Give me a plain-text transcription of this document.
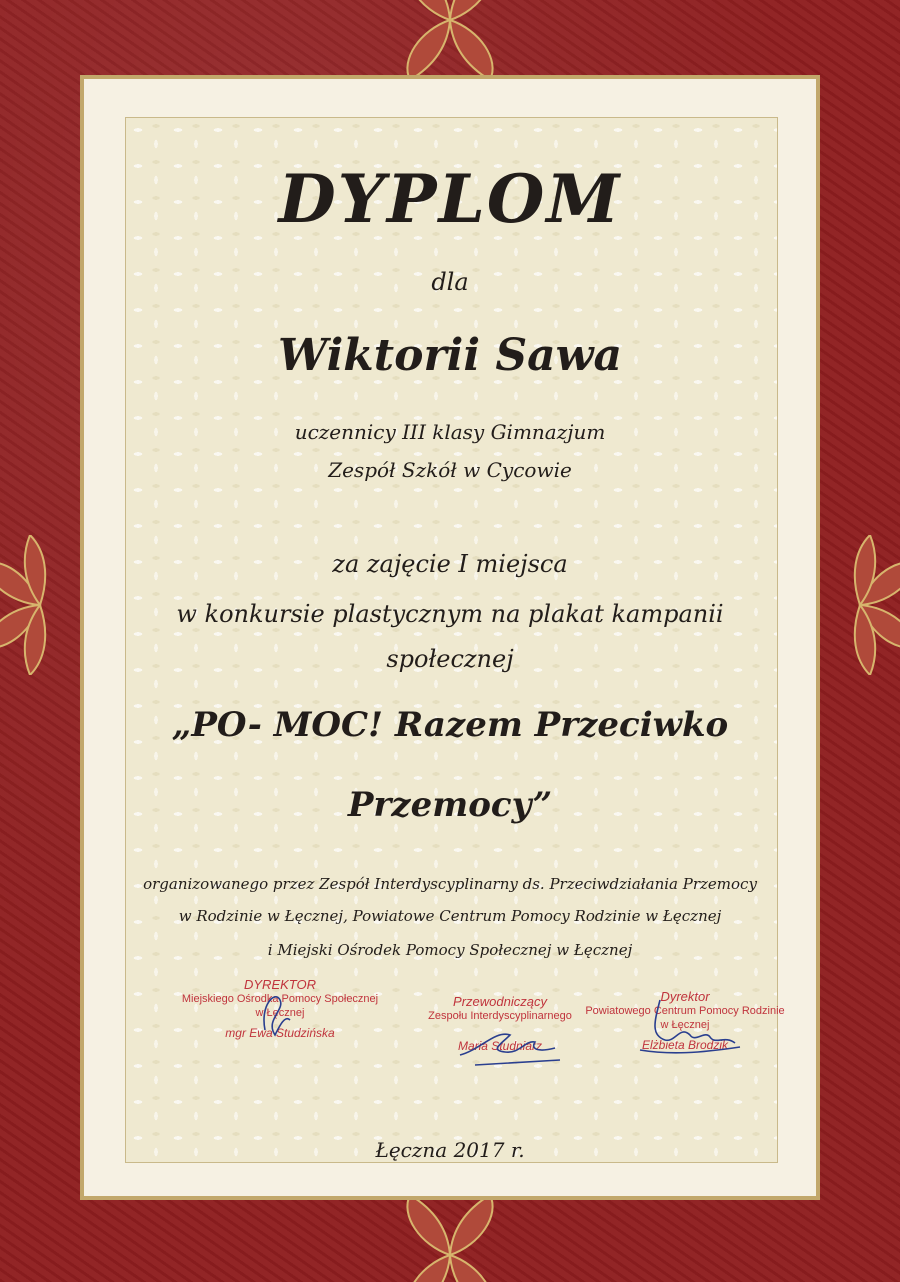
DYPLOM
dla
Wiktorii Sawa
uczennicy III klasy Gimnazjum
Zespół Szkół w Cycowie
za zajęcie I miejsca
w konkursie plastycznym na plakat kampanii
społecznej
„PO- MOC! Razem Przeciwko
Przemocy”
organizowanego przez Zespół Interdyscyplinarny ds. Przeciwdziałania Przemocy
w Rodzinie w Łęcznej, Powiatowe Centrum Pomocy Rodzinie w Łęcznej
i Miejski Ośrodek Pomocy Społecznej w Łęcznej
DYREKTOR
Miejskiego Ośrodka Pomocy Społecznej
w Łęcznej
mgr Ewa Studzińska
Przewodniczący
Zespołu Interdyscyplinarnego
Maria Studniarz
Dyrektor
Powiatowego Centrum Pomocy Rodzinie
w Łęcznej
Elżbieta Brodzik
Łęczna 2017 r.
